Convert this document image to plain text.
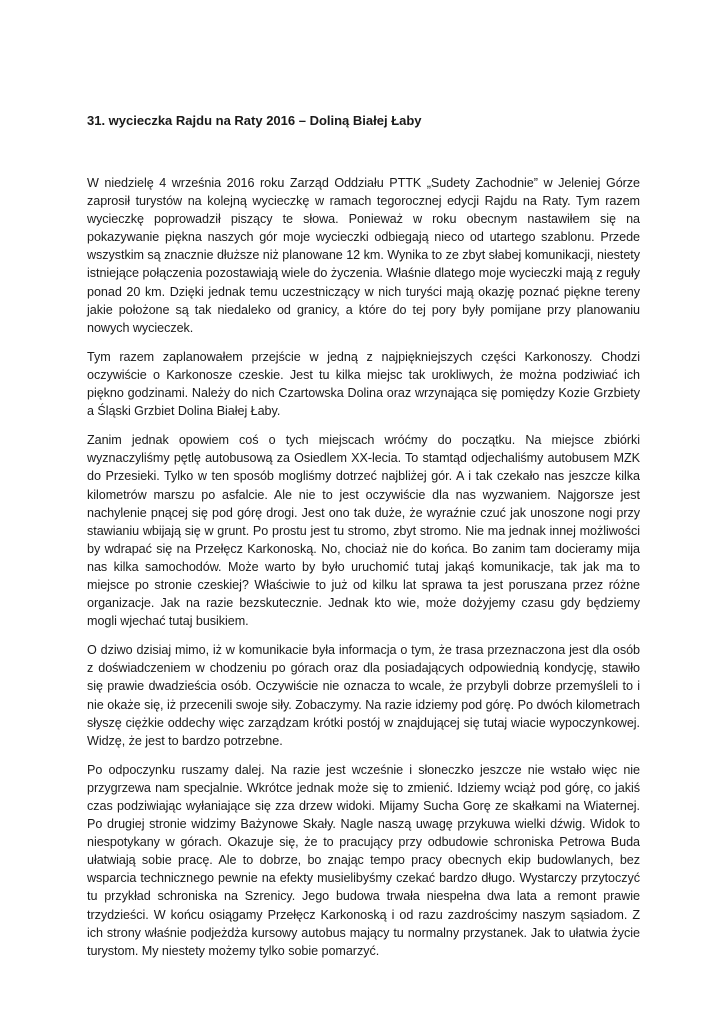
31. wycieczka Rajdu na Raty 2016 – Doliną Białej Łaby

W niedzielę 4 września 2016 roku Zarząd Oddziału PTTK „Sudety Zachodnie” w Jeleniej Górze zaprosił turystów na kolejną wycieczkę w ramach tegorocznej edycji Rajdu na Raty. Tym razem wycieczkę poprowadził piszący te słowa. Ponieważ w roku obecnym nastawiłem się na pokazywanie piękna naszych gór moje wycieczki odbiegają nieco od utartego szablonu. Przede wszystkim są znacznie dłuższe niż planowane 12 km. Wynika to ze zbyt słabej komunikacji, niestety istniejące połączenia pozostawiają wiele do życzenia. Właśnie dlatego moje wycieczki mają z reguły ponad 20 km. Dzięki jednak temu uczestniczący w nich turyści mają okazję poznać piękne tereny jakie położone są tak niedaleko od granicy, a które do tej pory były pomijane przy planowaniu nowych wycieczek.

Tym razem zaplanowałem przejście w jedną z najpiękniejszych części Karkonoszy. Chodzi oczywiście o Karkonosze czeskie. Jest tu kilka miejsc tak urokliwych, że można podziwiać ich piękno godzinami. Należy do nich Czartowska Dolina oraz wrzynająca się pomiędzy Kozie Grzbiety a Śląski Grzbiet Dolina Białej Łaby.

Zanim jednak opowiem coś o tych miejscach wróćmy do początku. Na miejsce zbiórki wyznaczyliśmy pętlę autobusową za Osiedlem XX-lecia. To stamtąd odjechaliśmy autobusem MZK do Przesieki. Tylko w ten sposób mogliśmy dotrzeć najbliżej gór. A i tak czekało nas jeszcze kilka kilometrów marszu po asfalcie. Ale nie to jest oczywiście dla nas wyzwaniem. Najgorsze jest nachylenie pnącej się pod górę drogi. Jest ono tak duże, że wyraźnie czuć jak unoszone nogi przy stawianiu wbijają się w grunt. Po prostu jest tu stromo, zbyt stromo. Nie ma jednak innej możliwości by wdrapać się na Przełęcz Karkonoską. No, chociaż nie do końca. Bo zanim tam docieramy mija nas kilka samochodów. Może warto by było uruchomić tutaj jakąś komunikacje, tak jak ma to miejsce po stronie czeskiej? Właściwie to już od kilku lat sprawa ta jest poruszana przez różne organizacje. Jak na razie bezskutecznie. Jednak kto wie, może dożyjemy czasu gdy będziemy mogli wjechać tutaj busikiem.

O dziwo dzisiaj mimo, iż w komunikacie była informacja o tym, że trasa przeznaczona jest dla osób z doświadczeniem w chodzeniu po górach oraz dla posiadających odpowiednią kondycję, stawiło się prawie dwadzieścia osób. Oczywiście nie oznacza to wcale, że przybyli dobrze przemyśleli to i nie okaże się, iż przecenili swoje siły. Zobaczymy. Na razie idziemy pod górę. Po dwóch kilometrach słyszę ciężkie oddechy więc zarządzam krótki postój w znajdującej się tutaj wiacie wypoczynkowej. Widzę, że jest to bardzo potrzebne.

Po odpoczynku ruszamy dalej. Na razie jest wcześnie i słoneczko jeszcze nie wstało więc nie przygrzewa nam specjalnie. Wkrótce jednak może się to zmienić. Idziemy wciąż pod górę, co jakiś czas podziwiając wyłaniające się zza drzew widoki. Mijamy Sucha Gorę ze skałkami na Wiaternej. Po drugiej stronie widzimy Bażynowe Skały. Nagle naszą uwagę przykuwa wielki dźwig. Widok to niespotykany w górach. Okazuje się, że to pracujący przy odbudowie schroniska Petrowa Buda ułatwiają sobie pracę. Ale to dobrze, bo znając tempo pracy obecnych ekip budowlanych, bez wsparcia technicznego pewnie na efekty musielibyśmy czekać bardzo długo. Wystarczy przytoczyć tu przykład schroniska na Szrenicy. Jego budowa trwała niespełna dwa lata a remont prawie trzydzieści. W końcu osiągamy Przełęcz Karkonoską i od razu zazdrościmy naszym sąsiadom. Z ich strony właśnie podjeżdża kursowy autobus mający tu normalny przystanek. Jak to ułatwia życie turystom. My niestety możemy tylko sobie pomarzyć.
